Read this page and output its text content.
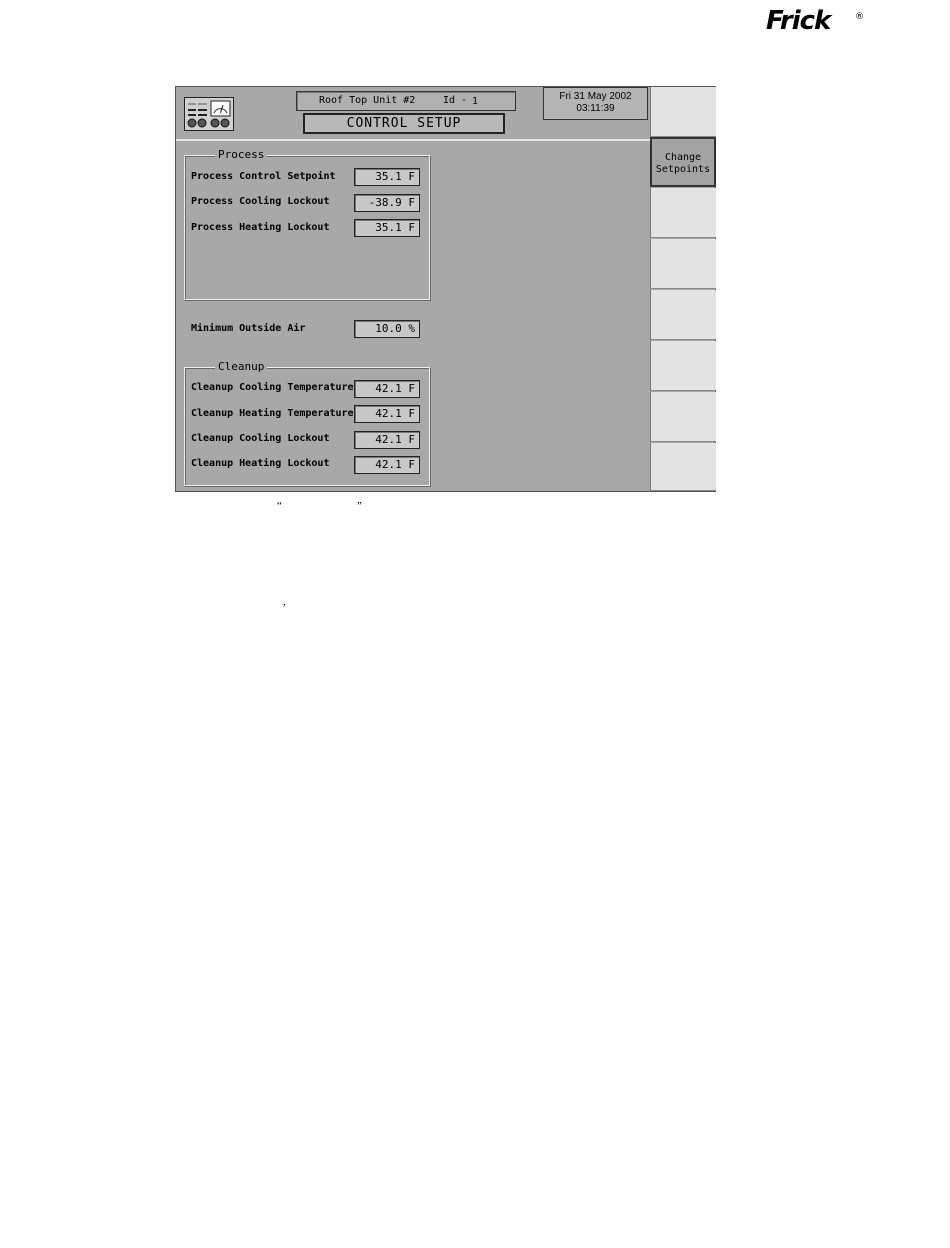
Frick	®
Roof Top Unit #2	Id - 1
CONTROL SETUP
Fri 31 May 2002
03:11:39
Process
Process Control Setpoint	35.1 F
Process Cooling Lockout	-38.9 F
Process Heating Lockout	35.1 F
Minimum Outside Air	10.0 %
Cleanup
Cleanup Cooling Temperature	42.1 F
Cleanup Heating Temperature	42.1 F
Cleanup Cooling Lockout	42.1 F
Cleanup Heating Lockout	42.1 F
Change
Setpoints
“	”
,
